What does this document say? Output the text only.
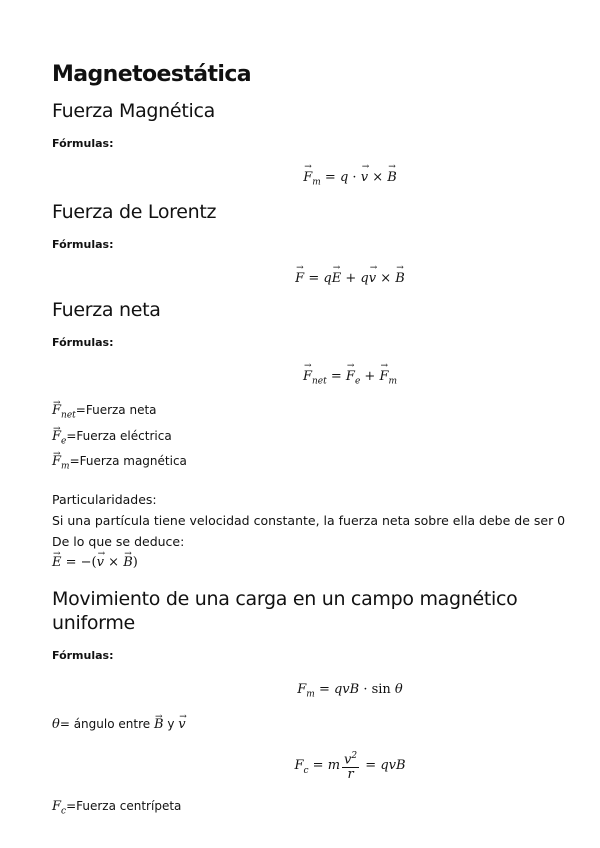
Magnetoestática
Fuerza Magnética
Fórmulas:
→ $F_m = q$ · → v × → B
Fuerza de Lorentz
Fórmulas:
→ F = q→ E + q→ v × → B
Fuerza neta
Fórmulas:
→ $F_{net}$ = → $F_e$ + → $F_m$
→ $F_{net}=Fuerza$ neta
→ $F_e=Fuerza$ eléctrica
→ $F_m=Fuerza$ magnética
Particularidades:
Si una partícula tiene velocidad constante, la fuerza neta sobre ella debe de ser 0
De lo que se deduce:
→ E = −(→ v × → B)
Movimiento de una carga en un campo magnético
uniforme
Fórmulas:
$F_m$ = qvB · sin θ
θ= ángulo entre → B y → v
$F_c = m \frac{v^2}{r}$ = qvB
$F_c=Fuerza$ centrípeta
